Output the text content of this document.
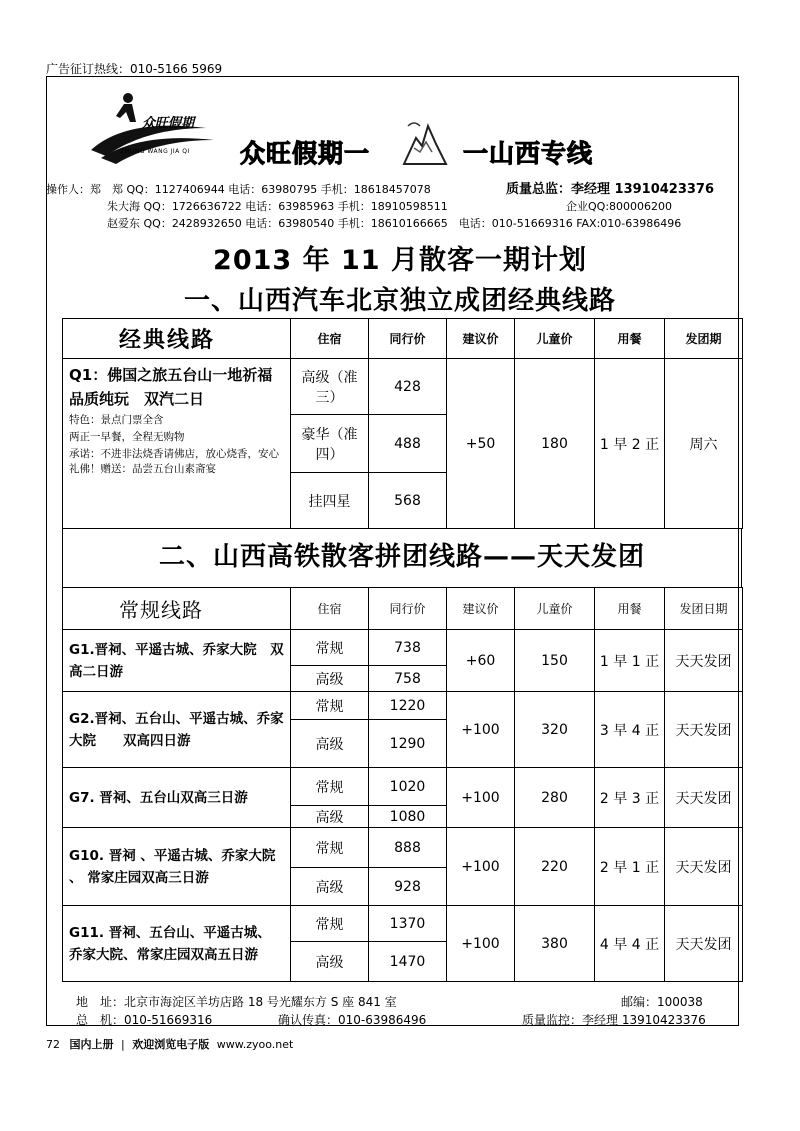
广告征订热线：010-5166 5969
众旺假期
ZHONG WANG JIA QI 众旺假期一	一山西专线
操作人：郑　郑 QQ：1127406944 电话：63980795 手机：18618457078	质量总监：李经理 13910423376
朱大海 QQ：1726636722 电话：63985963 手机：18910598511	企业QQ:800006200
赵爱东 QQ：2428932650 电话：63980540 手机：18610166665　电话：010-51669316 FAX:010-63986496
2013 年 11 月散客一期计划
一、山西汽车北京独立成团经典线路
经典线路	住宿	同行价	建议价	儿童价	用餐	发团期

Q1：佛国之旅五台山一地祈福品质纯玩　双汽二日
特色：景点门票全含
两正一早餐，全程无购物
承诺：不进非法烧香请佛店，放心烧香，安心礼佛！赠送：品尝五台山素斋宴	高级（准三）	428	+50	180	1 早 2 正	周六
	豪华（准四）	488				
	挂四星	568				
二、山西高铁散客拼团线路——天天发团
常规线路	住宿	同行价	建议价	儿童价	用餐	发团日期
G1.晋祠、平遥古城、乔家大院　双高二日游	常规	738	+60	150	1 早 1 正	天天发团
	高级	758				
G2.晋祠、五台山、平遥古城、乔家大院　　双高四日游	常规	1220	+100	320	3 早 4 正	天天发团
	高级	1290				
G7. 晋祠、五台山双高三日游	常规	1020	+100	280	2 早 3 正	天天发团
	高级	1080				
G10. 晋祠 、平遥古城、乔家大院 、 常家庄园双高三日游	常规	888	+100	220	2 早 1 正	天天发团
	高级	928				
G11. 晋祠、五台山、平遥古城、乔家大院、常家庄园双高五日游	常规	1370	+100	380	4 早 4 正	天天发团
	高级	1470				
地　址：北京市海淀区羊坊店路 18 号光耀东方 S 座 841 室	邮编：100038
总　机：010-51669316	确认传真：010-63986496	质量监控：李经理 13910423376
72 国内上册 | 欢迎浏览电子版 www.zyoo.net
